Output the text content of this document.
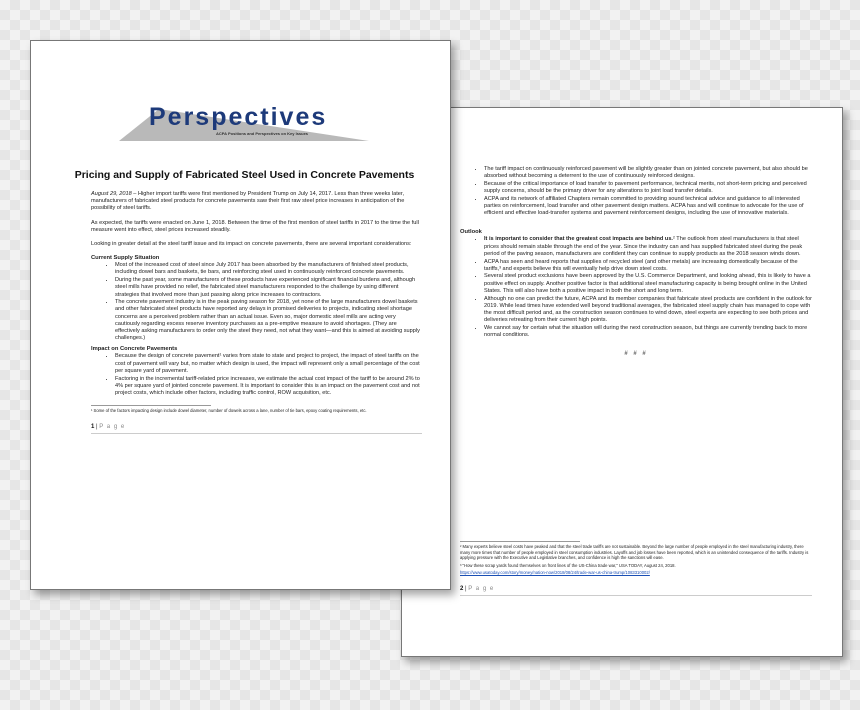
• The tariff impact on continuously reinforced pavement will be slightly greater than on jointed concrete pavement, but also should be absorbed without becoming a deterrent to the use of continuously reinforced designs.
• Because of the critical importance of load transfer to pavement performance, technical merits, not short-term pricing and perceived supply concerns, should be the primary driver for any alterations to joint load transfer details.
• ACPA and its network of affiliated Chapters remain committed to providing sound technical advice and guidance to all interested parties on reinforcement, load transfer and other pavement design matters. ACPA has and will continue to advocate for the use of efficient and effective load-transfer systems and pavement reinforcement designs, including the use of innovative materials.
Outlook
• It is important to consider that the greatest cost impacts are behind us.² The outlook from steel manufacturers is that steel prices should remain stable through the end of the year. Since the industry can and has supplied fabricated steel during the peak period of the paving season, manufacturers are confident they can continue to supply products as the 2018 season winds down.
• ACPA has seen and heard reports that supplies of recycled steel (and other metals) are increasing domestically because of the tariffs,³ and experts believe this will eventually help drive down steel costs.
• Several steel product exclusions have been approved by the U.S. Commerce Department, and looking ahead, this is likely to have a positive effect on supply. Another positive factor is that additional steel manufacturing capacity is being brought online in the United States. This will also have both a positive impact in both the short and long term.
• Although no one can predict the future, ACPA and its member companies that fabricate steel products are confident in the outlook for 2019. While lead times have extended well beyond traditional averages, the fabricated steel supply chain has managed to cope with the most difficult period and, as the construction season continues to wind down, steel experts are expecting to see both prices and deliveries retreating from their current high points.
• We cannot say for certain what the situation will during the next construction season, but things are currently trending back to more normal conditions.
# # #

² Many experts believe steel costs have peaked and that the steel trade tariffs are not sustainable. Beyond the large number of people employed in the steel manufacturing industry, there many more times that number of people employed in steel consumption industries. Layoffs and job losses have been reported, which is an unintended consequence of the tariffs. Industry is applying pressure with the Executive and Legislative branches, and confidence is high the sanctions will ease.

³ "How these scrap yards found themselves on front lines of the US-China trade war," USA TODAY, August 24, 2018.

https://www.usatoday.com/story/money/nation-now/2018/08/24/trade-war-us-china-trump/1083310002/

2 | P a g e
Perspectives
ACPA Positions and Perspectives on Key Issues
Pricing and Supply of Fabricated Steel Used in Concrete Pavements

August 29, 2018 – Higher import tariffs were first mentioned by President Trump on July 14, 2017. Less than three weeks later, manufacturers of fabricated steel products for concrete pavements saw their first raw steel price increases in anticipation of the possibility of steel tariffs.

As expected, the tariffs were enacted on June 1, 2018. Between the time of the first mention of steel tariffs in 2017 to the time the full measure went into effect, steel prices increased steadily.

Looking in greater detail at the steel tariff issue and its impact on concrete pavements, there are several important considerations:

Current Supply Situation
• Most of the increased cost of steel since July 2017 has been absorbed by the manufacturers of finished steel products, including dowel bars and baskets, tie bars, and reinforcing steel used in continuously reinforced concrete pavements.
• During the past year, some manufacturers of these products have experienced significant financial burdens and, although steel mills have provided no relief, the fabricated steel manufacturers responded to the challenge by using different strategies that involved more than just passing along price increases to contractors.
• The concrete pavement industry is in the peak paving season for 2018, yet none of the large manufacturers dowel baskets and other fabricated steel products have reported any delays in promised deliveries to projects, indicating steel shortage concerns are a perceived problem rather than an actual issue. Even so, major domestic steel mills are acting very cautiously regarding excess reserve inventory purchases as a pre-emptive measure to avoid shortages. (They are effectively asking manufacturers to order only the steel they need, not what they want—and this is aimed at avoiding supply challenges.)
Impact on Concrete Pavements
• Because the design of concrete pavement¹ varies from state to state and project to project, the impact of steel tariffs on the cost of pavement will vary but, no matter which design is used, the impact will represent only a small percentage of the cost per square yard of pavement.
• Factoring in the incremental tariff-related price increases, we estimate the actual cost impact of the tariff to be around 2% to 4% per square yard of jointed concrete pavement. It is important to consider this is an impact on the pavement cost and not project costs, which include other factors, including traffic control, ROW acquisition, etc.

¹ Some of the factors impacting design include dowel diameter, number of dowels across a lane, number of tie bars, epoxy coating requirements, etc.

1 | P a g e
